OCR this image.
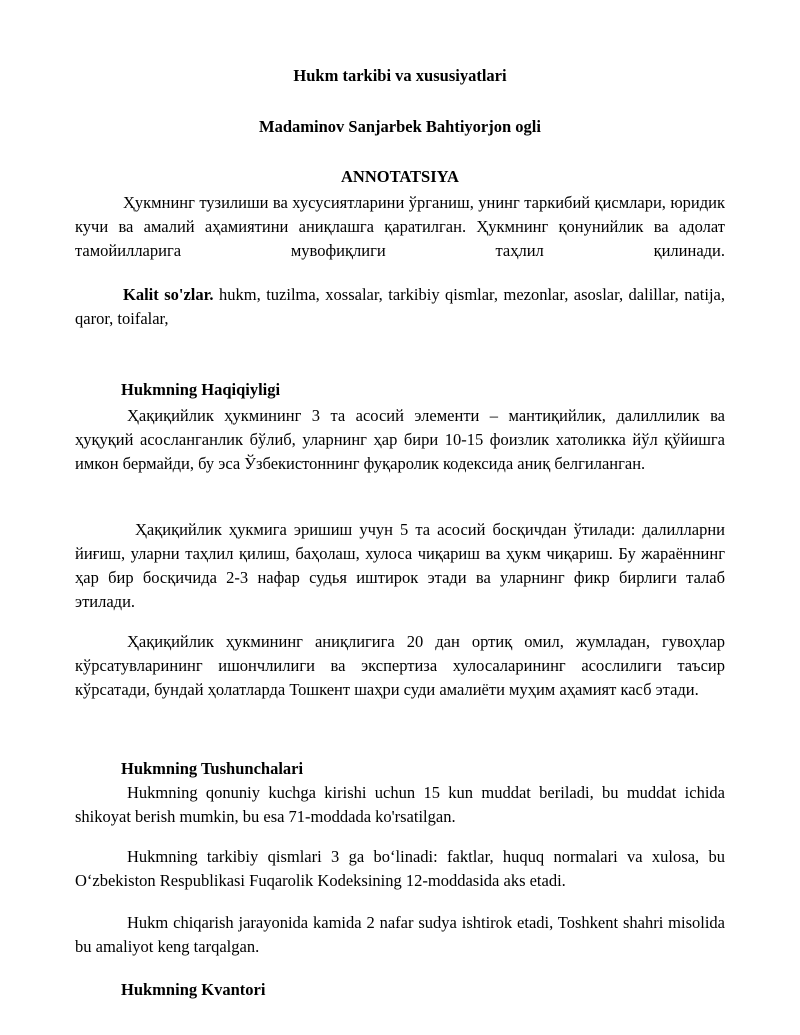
Hukm tarkibi va xususiyatlari
Madaminov Sanjarbek Bahtiyorjon ogli
ANNOTATSIYA

Ҳукмнинг тузилиши ва хусусиятларини ўрганиш, унинг таркибий қисмлари, юридик кучи ва амалий аҳамиятини аниқлашга қаратилган. Ҳукмнинг қонунийлик ва адолат тамойилларига мувофиқлиги таҳлил қилинади.

Kalit so'zlar. hukm, tuzilma, xossalar, tarkibiy qismlar, mezonlar, asoslar, dalillar, natija, qaror, toifalar,

Hukmning Haqiqiyligi

Ҳақиқийлик ҳукмининг 3 та асосий элементи – мантиқийлик, далиллилик ва ҳуқуқий асосланганлик бўлиб, уларнинг ҳар бири 10-15 фоизлик хатоликка йўл қўйишга имкон бермайди, бу эса Ўзбекистоннинг фуқаролик кодексида аниқ белгиланган.

Ҳақиқийлик ҳукмига эришиш учун 5 та асосий босқичдан ўтилади: далилларни йиғиш, уларни таҳлил қилиш, баҳолаш, хулоса чиқариш ва ҳукм чиқариш. Бу жараённинг ҳар бир босқичида 2-3 нафар судья иштирок этади ва уларнинг фикр бирлиги талаб этилади.

Ҳақиқийлик ҳукмининг аниқлигига 20 дан ортиқ омил, жумладан, гувоҳлар кўрсатувларининг ишончлилиги ва экспертиза хулосаларининг асослилиги таъсир кўрсатади, бундай ҳолатларда Тошкент шаҳри суди амалиёти муҳим аҳамият касб этади.

Hukmning Tushunchalari

Hukmning qonuniy kuchga kirishi uchun 15 kun muddat beriladi, bu muddat ichida shikoyat berish mumkin, bu esa 71-moddada ko'rsatilgan.

Hukmning tarkibiy qismlari 3 ga bo‘linadi: faktlar, huquq normalari va xulosa, bu O‘zbekiston Respublikasi Fuqarolik Kodeksining 12-moddasida aks etadi.

Hukm chiqarish jarayonida kamida 2 nafar sudya ishtirok etadi, Toshkent shahri misolida bu amaliyot keng tarqalgan.

Hukmning Kvantori
